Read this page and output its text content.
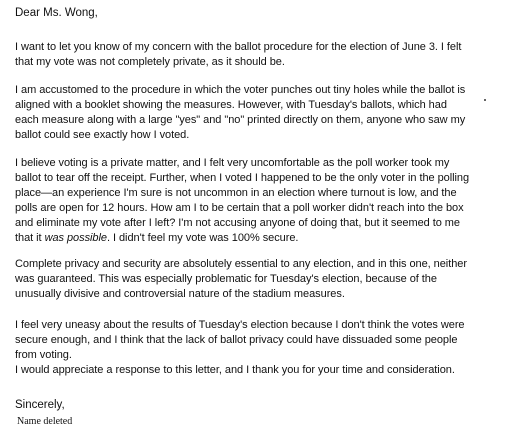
Dear Ms. Wong,
I want to let you know of my concern with the ballot procedure for the election of June 3. I felt
that my vote was not completely private, as it should be.
I am accustomed to the procedure in which the voter punches out tiny holes while the ballot is
aligned with a booklet showing the measures. However, with Tuesday's ballots, which had
each measure along with a large "yes" and "no" printed directly on them, anyone who saw my
ballot could see exactly how I voted.
I believe voting is a private matter, and I felt very uncomfortable as the poll worker took my
ballot to tear off the receipt. Further, when I voted I happened to be the only voter in the polling
place—an experience I'm sure is not uncommon in an election where turnout is low, and the
polls are open for 12 hours. How am I to be certain that a poll worker didn't reach into the box
and eliminate my vote after I left? I'm not accusing anyone of doing that, but it seemed to me
that it was possible. I didn't feel my vote was 100% secure.
Complete privacy and security are absolutely essential to any election, and in this one, neither
was guaranteed. This was especially problematic for Tuesday's election, because of the
unusually divisive and controversial nature of the stadium measures.
I feel very uneasy about the results of Tuesday's election because I don't think the votes were
secure enough, and I think that the lack of ballot privacy could have dissuaded some people
from voting.
I would appreciate a response to this letter, and I thank you for your time and consideration.
Sincerely,
Name deleted
